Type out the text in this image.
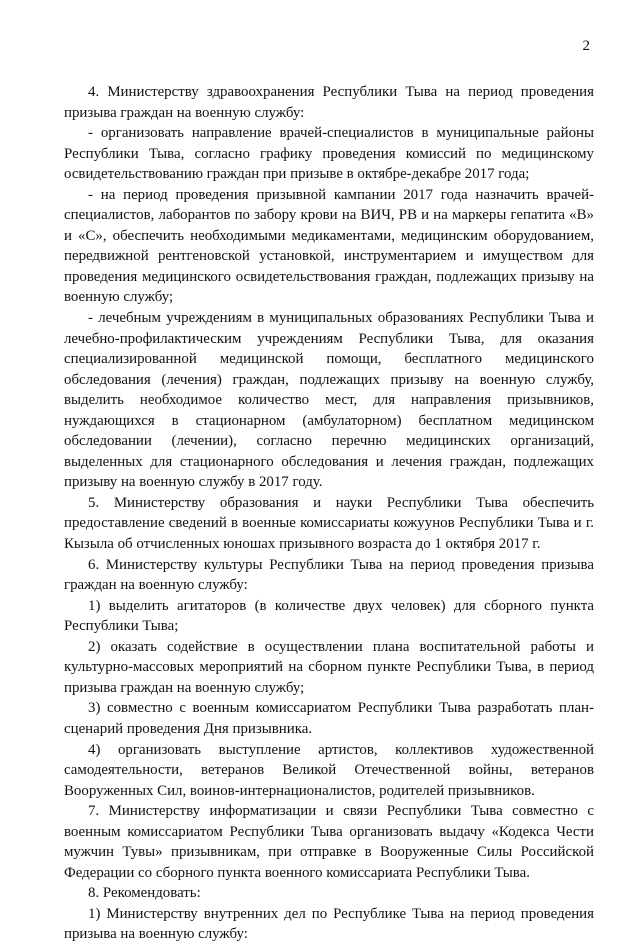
2

4. Министерству здравоохранения Республики Тыва на период проведения призыва граждан на военную службу:

- организовать направление врачей-специалистов в муниципальные районы Республики Тыва, согласно графику проведения комиссий по медицинскому освидетельствованию граждан при призыве в октябре-декабре 2017 года;

- на период проведения призывной кампании 2017 года назначить врачей-специалистов, лаборантов по забору крови на ВИЧ, РВ и на маркеры гепатита «В» и «С», обеспечить необходимыми медикаментами, медицинским оборудованием, передвижной рентгеновской установкой, инструментарием и имуществом для проведения медицинского освидетельствования граждан, подлежащих призыву на военную службу;

- лечебным учреждениям в муниципальных образованиях Республики Тыва и лечебно-профилактическим учреждениям Республики Тыва, для оказания специализированной медицинской помощи, бесплатного медицинского обследования (лечения) граждан, подлежащих призыву на военную службу, выделить необходимое количество мест, для направления призывников, нуждающихся в стационарном (амбулаторном) бесплатном медицинском обследовании (лечении), согласно перечню медицинских организаций, выделенных для стационарного обследования и лечения граждан, подлежащих призыву на военную службу в 2017 году.

5. Министерству образования и науки Республики Тыва обеспечить предоставление сведений в военные комиссариаты кожуунов Республики Тыва и г. Кызыла об отчисленных юношах призывного возраста до 1 октября 2017 г.

6. Министерству культуры Республики Тыва на период проведения призыва граждан на военную службу:

1) выделить агитаторов (в количестве двух человек) для сборного пункта Республики Тыва;

2) оказать содействие в осуществлении плана воспитательной работы и культурно-массовых мероприятий на сборном пункте Республики Тыва, в период призыва граждан на военную службу;

3) совместно с военным комиссариатом Республики Тыва разработать план-сценарий проведения Дня призывника.

4) организовать выступление артистов, коллективов художественной самодеятельности, ветеранов Великой Отечественной войны, ветеранов Вооруженных Сил, воинов-интернационалистов, родителей призывников.

7. Министерству информатизации и связи Республики Тыва совместно с военным комиссариатом Республики Тыва организовать выдачу «Кодекса Чести мужчин Тувы» призывникам, при отправке в Вооруженные Силы Российской Федерации со сборного пункта военного комиссариата Республики Тыва.

8. Рекомендовать:

1) Министерству внутренних дел по Республике Тыва на период проведения призыва на военную службу:
